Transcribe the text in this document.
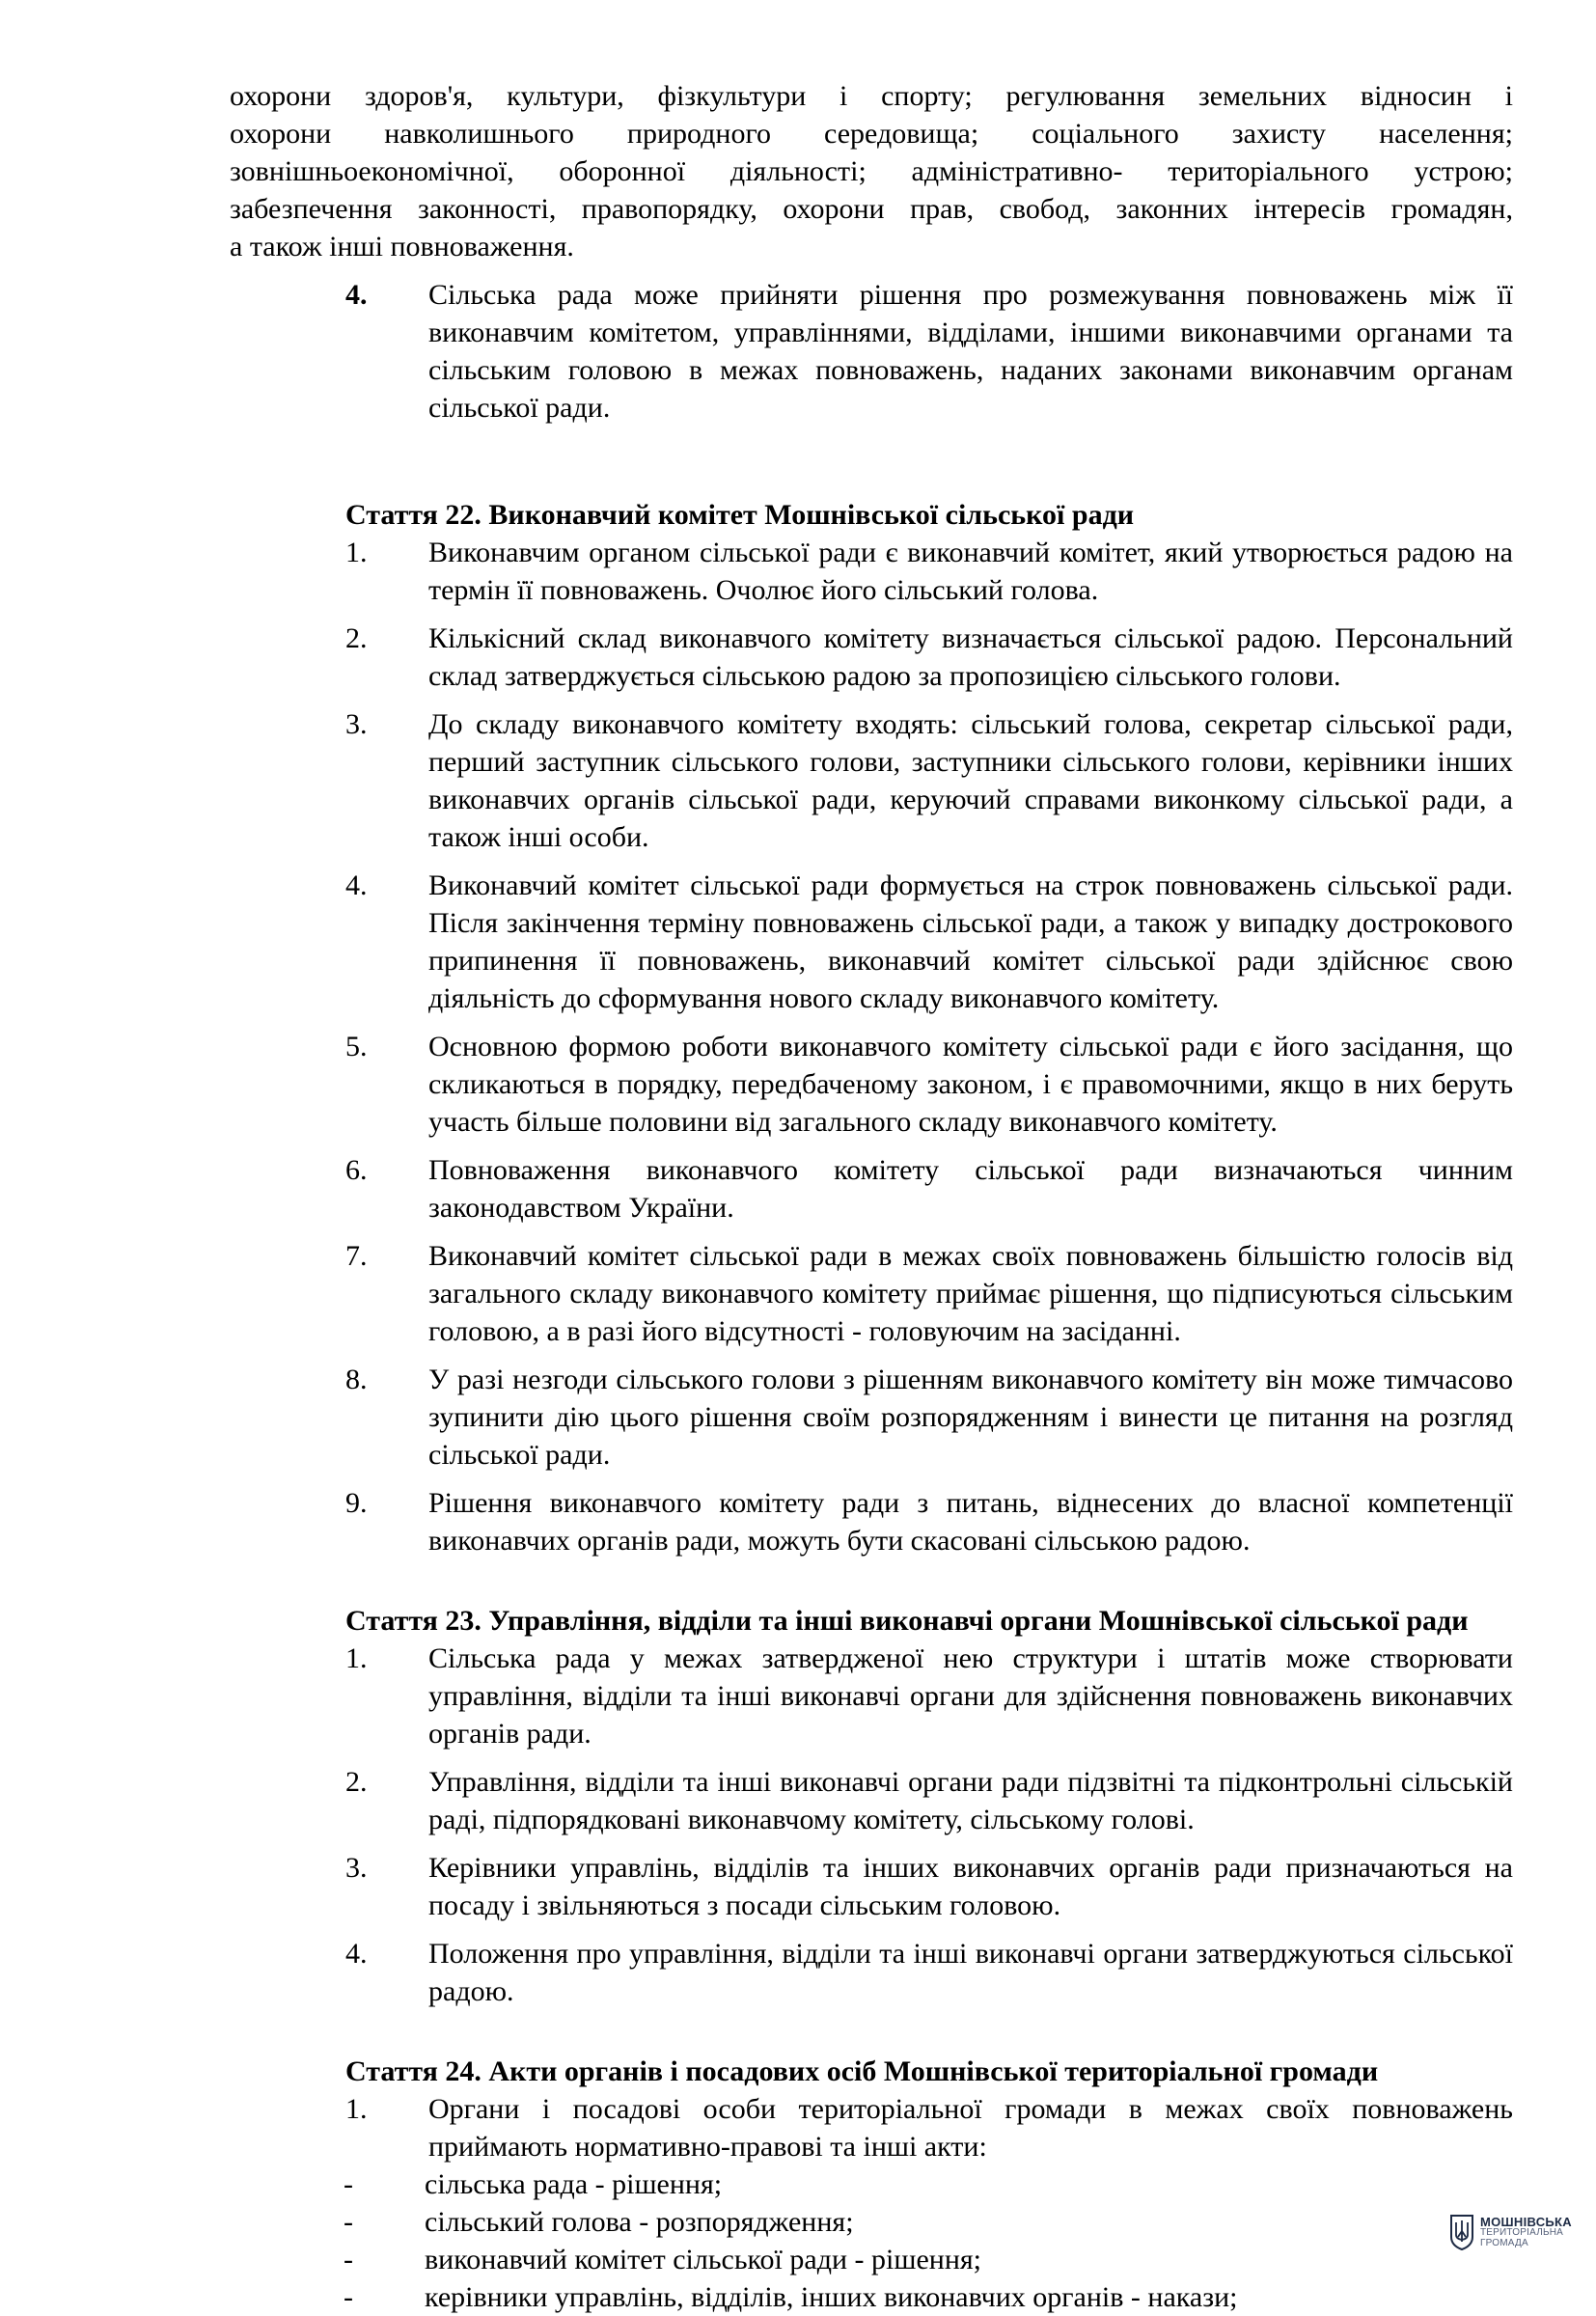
охорони здоров'я, культури, фізкультури і спорту; регулювання земельних відносин і

охорони навколишнього природного середовища; соціального захисту населення;

зовнішньоекономічної, оборонної діяльності; адміністративно- територіального устрою;

забезпечення законності, правопорядку, охорони прав, свобод, законних інтересів громадян,

а також інші повноваження.

4.	Сільська рада може прийняти рішення про розмежування повноважень між її виконавчим комітетом, управліннями, відділами, іншими виконавчими органами та сільським головою в межах повноважень, наданих законами виконавчим органам сільської ради.

Стаття 22. Виконавчий комітет Мошнівської сільської ради

1.	Виконавчим органом сільської ради є виконавчий комітет, який утворюється радою на термін її повноважень. Очолює його сільський голова.
2.	Кількісний склад виконавчого комітету визначається сільської радою. Персональний склад затверджується сільською радою за пропозицією сільського голови.
3.	До складу виконавчого комітету входять: сільський голова, секретар сільської ради, перший заступник сільського голови, заступники сільського голови, керівники інших виконавчих органів сільської ради, керуючий справами виконкому сільської ради, а також інші особи.
4.	Виконавчий комітет сільської ради формується на строк повноважень сільської ради. Після закінчення терміну повноважень сільської ради, а також у випадку дострокового припинення її повноважень, виконавчий комітет сільської ради здійснює свою діяльність до сформування нового складу виконавчого комітету.
5.	Основною формою роботи виконавчого комітету сільської ради є його засідання, що скликаються в порядку, передбаченому законом, і є правомочними, якщо в них беруть участь більше половини від загального складу виконавчого комітету.
6.	Повноваження виконавчого комітету сільської ради визначаються чинним законодавством України.
7.	Виконавчий комітет сільської ради в межах своїх повноважень більшістю голосів від загального складу виконавчого комітету приймає рішення, що підписуються сільським головою, а в разі його відсутності - головуючим на засіданні.
8.	У разі незгоди сільського голови з рішенням виконавчого комітету він може тимчасово зупинити дію цього рішення своїм розпорядженням і винести це питання на розгляд сільської ради.
9.	Рішення виконавчого комітету ради з питань, віднесених до власної компетенції виконавчих органів ради, можуть бути скасовані сільською радою.

Стаття 23. Управління, відділи та інші виконавчі органи Мошнівської сільської ради

1.	Сільська рада у межах затвердженої нею структури і штатів може створювати управління, відділи та інші виконавчі органи для здійснення повноважень виконавчих органів ради.
2.	Управління, відділи та інші виконавчі органи ради підзвітні та підконтрольні сільській раді, підпорядковані виконавчому комітету, сільському голові.
3.	Керівники управлінь, відділів та інших виконавчих органів ради призначаються на посаду і звільняються з посади сільським головою.
4.	Положення про управління, відділи та інші виконавчі органи затверджуються сільської радою.

Стаття 24. Акти органів і посадових осіб Мошнівської територіальної громади

1.	Органи і посадові особи територіальної громади в межах своїх повноважень приймають нормативно-правові та інші акти:
-	сільська рада - рішення;
-	сільський голова - розпорядження;
-	виконавчий комітет сільської ради - рішення;
-	керівники управлінь, відділів, інших виконавчих органів - накази;
МОШНІВСЬКА
ТЕРИТОРІАЛЬНА
ГРОМАДА
